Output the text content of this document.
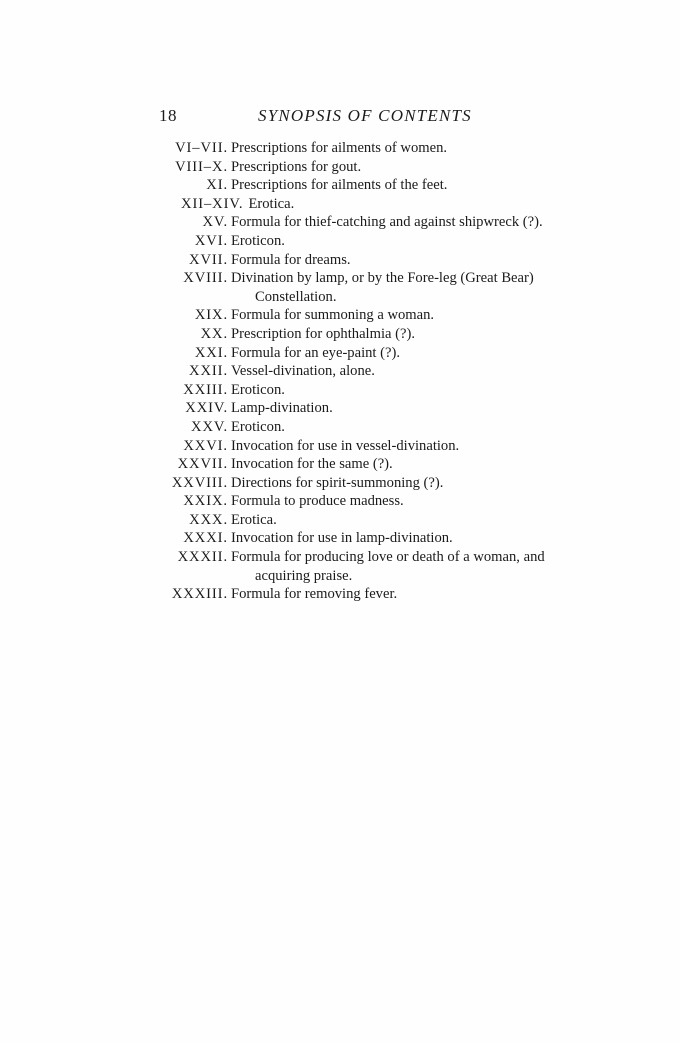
18	SYNOPSIS OF CONTENTS
VI–VII. Prescriptions for ailments of women.
VIII–X. Prescriptions for gout.
XI. Prescriptions for ailments of the feet.
XII–XIV. Erotica.
XV. Formula for thief-catching and against shipwreck (?).
XVI. Eroticon.
XVII. Formula for dreams.
XVIII. Divination by lamp, or by the Fore-leg (Great Bear)
Constellation.
XIX. Formula for summoning a woman.
XX. Prescription for ophthalmia (?).
XXI. Formula for an eye-paint (?).
XXII. Vessel-divination, alone.
XXIII. Eroticon.
XXIV. Lamp-divination.
XXV. Eroticon.
XXVI. Invocation for use in vessel-divination.
XXVII. Invocation for the same (?).
XXVIII. Directions for spirit-summoning (?).
XXIX. Formula to produce madness.
XXX. Erotica.
XXXI. Invocation for use in lamp-divination.
XXXII. Formula for producing love or death of a woman, and
acquiring praise.
XXXIII. Formula for removing fever.
